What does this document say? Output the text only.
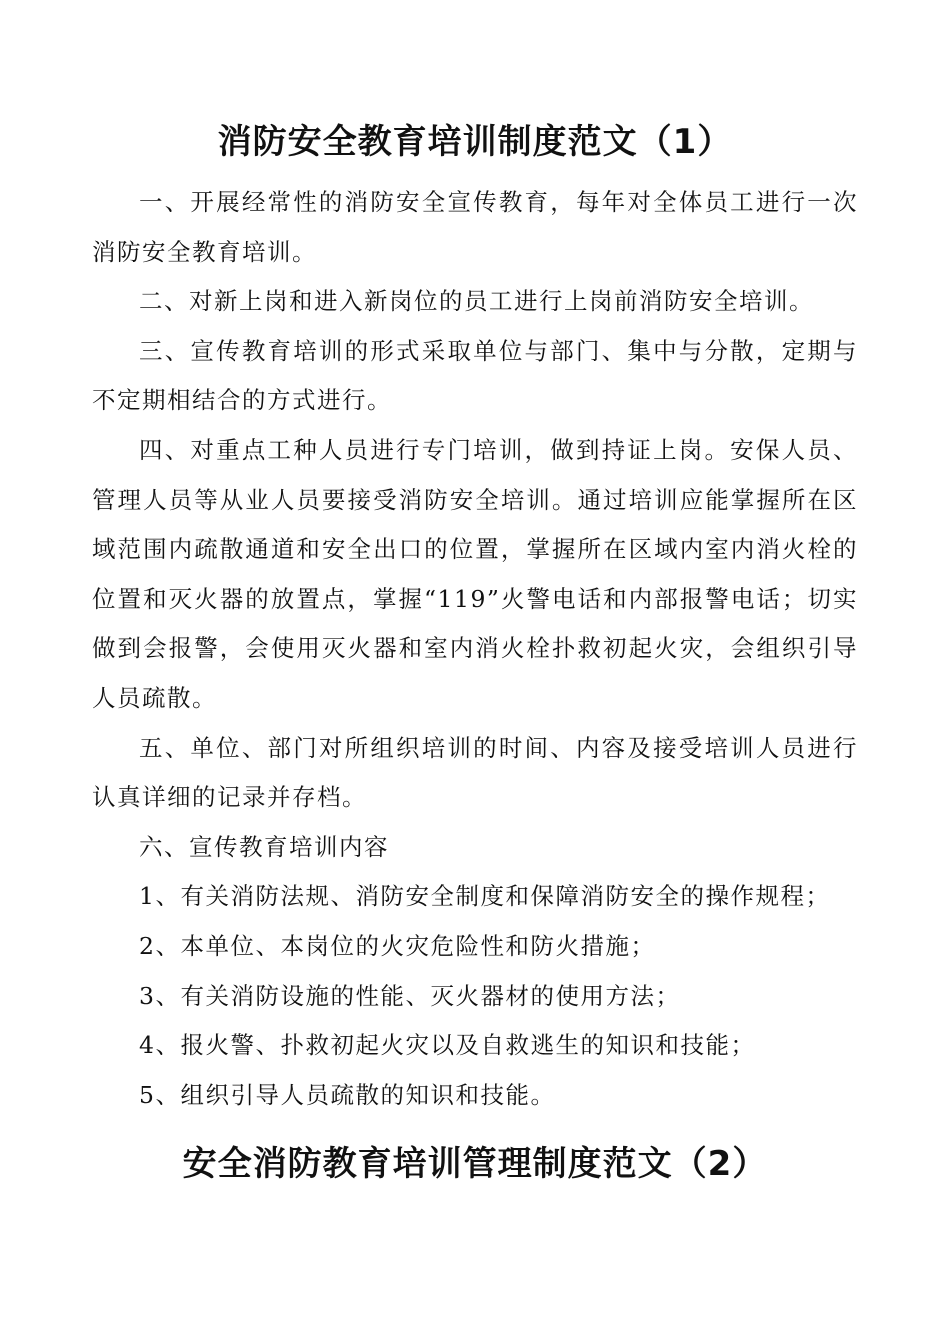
消防安全教育培训制度范文（1）

一、开展经常性的消防安全宣传教育，每年对全体员工进行一次消防安全教育培训。

二、对新上岗和进入新岗位的员工进行上岗前消防安全培训。

三、宣传教育培训的形式采取单位与部门、集中与分散，定期与不定期相结合的方式进行。

四、对重点工种人员进行专门培训，做到持证上岗。安保人员、管理人员等从业人员要接受消防安全培训。通过培训应能掌握所在区域范围内疏散通道和安全出口的位置，掌握所在区域内室内消火栓的位置和灭火器的放置点，掌握“119”火警电话和内部报警电话；切实做到会报警，会使用灭火器和室内消火栓扑救初起火灾，会组织引导人员疏散。

五、单位、部门对所组织培训的时间、内容及接受培训人员进行认真详细的记录并存档。

六、宣传教育培训内容

1、有关消防法规、消防安全制度和保障消防安全的操作规程；

2、本单位、本岗位的火灾危险性和防火措施；

3、有关消防设施的性能、灭火器材的使用方法；

4、报火警、扑救初起火灾以及自救逃生的知识和技能；

5、组织引导人员疏散的知识和技能。

安全消防教育培训管理制度范文（2）
